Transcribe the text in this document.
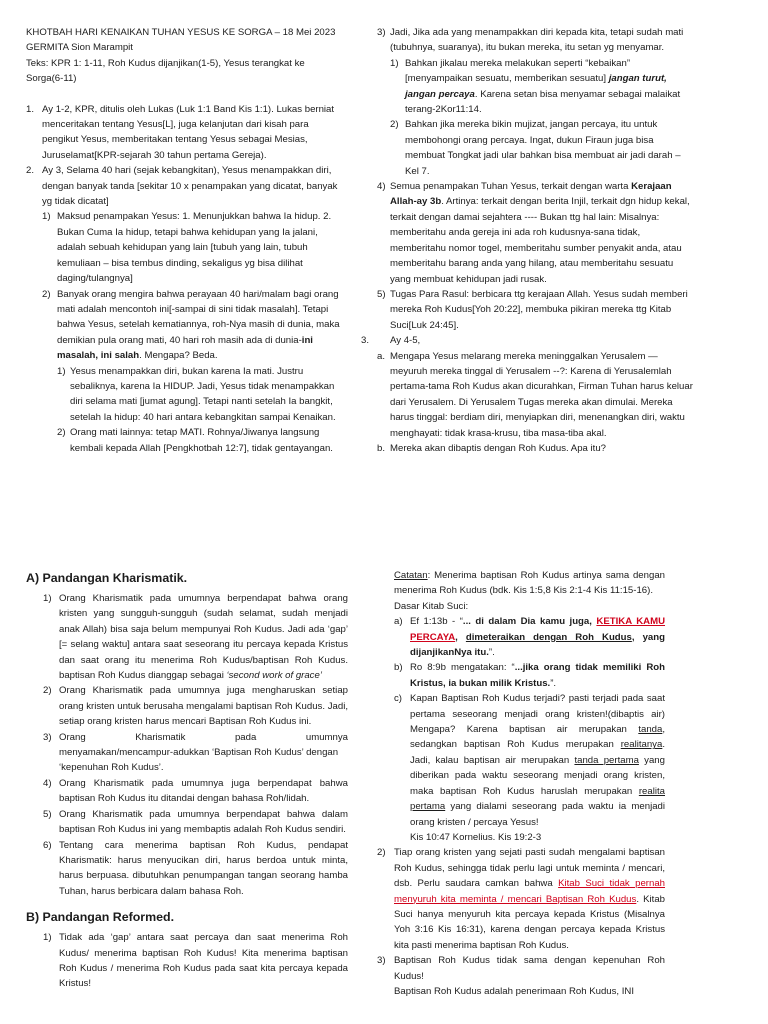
KHOTBAH HARI KENAIKAN TUHAN YESUS KE SORGA – 18 Mei 2023

GERMITA Sion Marampit

Teks: KPR 1: 1-11, Roh Kudus dijanjikan(1-5), Yesus terangkat ke Sorga(6-11)

1. Ay 1-2, KPR, ditulis oleh Lukas (Luk 1:1 Band Kis 1:1). Lukas berniat menceritakan tentang Yesus[L], juga kelanjutan dari kisah para pengikut Yesus, memberitakan tentang Yesus sebagai Mesias, Juruselamat[KPR-sejarah 30 tahun pertama Gereja).
2. Ay 3, Selama 40 hari (sejak kebangkitan), Yesus menampakkan diri, dengan banyak tanda [sekitar 10 x penampakan yang dicatat, banyak yg tidak dicatat]
1) Maksud penampakan Yesus: 1. Menunjukkan bahwa Ia hidup. 2. Bukan Cuma Ia hidup, tetapi bahwa kehidupan yang Ia jalani, adalah sebuah kehidupan yang lain [tubuh yang lain, tubuh kemuliaan – bisa tembus dinding, sekaligus yg bisa dilihat daging/tulangnya]
2) Banyak orang mengira bahwa perayaan 40 hari/malam bagi orang mati adalah mencontoh ini[-sampai di sini tidak masalah]. Tetapi bahwa Yesus, setelah kematiannya, roh-Nya masih di dunia, maka demikian pula orang mati, 40 hari roh masih ada di dunia-ini masalah, ini salah. Mengapa? Beda.
1) Yesus menampakkan diri, bukan karena Ia mati. Justru sebaliknya, karena Ia HIDUP. Jadi, Yesus tidak menampakkan diri selama mati [jumat agung]. Tetapi nanti setelah Ia bangkit, setelah Ia hidup: 40 hari antara kebangkitan sampai Kenaikan.
2) Orang mati lainnya: tetap MATI. Rohnya/Jiwanya langsung kembali kepada Allah [Pengkhotbah 12:7], tidak gentayangan.
3) Jadi, Jika ada yang menampakkan diri kepada kita, tetapi sudah mati (tubuhnya, suaranya), itu bukan mereka, itu setan yg menyamar.
1) Bahkan jikalau mereka melakukan seperti “kebaikan” [menyampaikan sesuatu, memberikan sesuatu] jangan turut, jangan percaya. Karena setan bisa menyamar sebagai malaikat terang-2Kor11:14.
2) Bahkan jika mereka bikin mujizat, jangan percaya, itu untuk membohongi orang percaya. Ingat, dukun Firaun juga bisa membuat Tongkat jadi ular bahkan bisa membuat air jadi darah – Kel 7.
4) Semua penampakan Tuhan Yesus, terkait dengan warta Kerajaan Allah-ay 3b. Artinya: terkait dengan berita Injil, terkait dgn hidup kekal, terkait dengan damai sejahtera ---- Bukan ttg hal lain: Misalnya: memberitahu anda gereja ini ada roh kudusnya-sana tidak, memberitahu nomor togel, memberitahu sumber penyakit anda, atau memberitahu barang anda yang hilang, atau memberitahu sesuatu yang membuat kehidupan jadi rusak.
5) Tugas Para Rasul: berbicara ttg kerajaan Allah. Yesus sudah memberi mereka Roh Kudus[Yoh 20:22], membuka pikiran mereka ttg Kitab Suci[Luk 24:45].
3. Ay 4-5,
a. Mengapa Yesus melarang mereka meninggalkan Yerusalem —meyuruh mereka tinggal di Yerusalem --?: Karena di Yerusalemlah pertama-tama Roh Kudus akan dicurahkan, Firman Tuhan harus keluar dari Yerusalem. Di Yerusalem Tugas mereka akan dimulai. Mereka harus tinggal: berdiam diri, menyiapkan diri, menenangkan diri, waktu menghayati: tidak krasa-krusu, tiba masa-tiba akal.
b. Mereka akan dibaptis dengan Roh Kudus. Apa itu?

A) Pandangan Kharismatik.

1) Orang Kharismatik pada umumnya berpendapat bahwa orang kristen yang sungguh-sungguh (sudah selamat, sudah menjadi anak Allah) bisa saja belum mempunyai Roh Kudus. Jadi ada ‘gap’ [= selang waktu] antara saat seseorang itu percaya kepada Kristus dan saat orang itu menerima Roh Kudus/baptisan Roh Kudus. baptisan Roh Kudus dianggap sebagai ‘second work of grace’
2) Orang Kharismatik pada umumnya juga mengharuskan setiap orang kristen untuk berusaha mengalami baptisan Roh Kudus. Jadi, setiap orang kristen harus mencari Baptisan Roh Kudus ini.
3) Orang	Kharismatik	pada	umumnya
menyamakan/mencampur-adukkan ‘Baptisan Roh Kudus’ dengan ‘kepenuhan Roh Kudus’.
4) Orang Kharismatik pada umumnya juga berpendapat bahwa baptisan Roh Kudus itu ditandai dengan bahasa Roh/lidah.
5) Orang Kharismatik pada umumnya berpendapat bahwa dalam baptisan Roh Kudus ini yang membaptis adalah Roh Kudus sendiri.
6) Tentang cara menerima baptisan Roh Kudus, pendapat Kharismatik: harus menyucikan diri, harus berdoa untuk minta, harus berpuasa. dibutuhkan penumpangan tangan seorang hamba Tuhan, harus berbicara dalam bahasa Roh.

B) Pandangan Reformed.

1) Tidak ada ‘gap’ antara saat percaya dan saat menerima Roh Kudus/ menerima baptisan Roh Kudus! Kita menerima baptisan Roh Kudus / menerima Roh Kudus pada saat kita percaya kepada Kristus!
Catatan: Menerima baptisan Roh Kudus artinya sama dengan menerima Roh Kudus (bdk. Kis 1:5,8 Kis 2:1-4 Kis 11:15-16).

Dasar Kitab Suci:

a) Ef 1:13b - “... di dalam Dia kamu juga, KETIKA KAMU PERCAYA, dimeteraikan dengan Roh Kudus, yang dijanjikanNya itu.”.
b) Ro 8:9b mengatakan: “...jika orang tidak memiliki Roh Kristus, ia bukan milik Kristus.”.
c) Kapan Baptisan Roh Kudus terjadi? pasti terjadi pada saat pertama seseorang menjadi orang kristen!(dibaptis air) Mengapa? Karena baptisan air merupakan tanda, sedangkan baptisan Roh Kudus merupakan realitanya. Jadi, kalau baptisan air merupakan tanda pertama yang diberikan pada waktu seseorang menjadi orang kristen, maka baptisan Roh Kudus haruslah merupakan realita pertama yang dialami seseorang pada waktu ia menjadi orang kristen / percaya Yesus!

Kis 10:47 Kornelius. Kis 19:2-3

2) Tiap orang kristen yang sejati pasti sudah mengalami baptisan Roh Kudus, sehingga tidak perlu lagi untuk meminta / mencari, dsb. Perlu saudara camkan bahwa Kitab Suci tidak pernah menyuruh kita meminta / mencari Baptisan Roh Kudus. Kitab Suci hanya menyuruh kita percaya kepada Kristus (Misalnya Yoh 3:16 Kis 16:31), karena dengan percaya kepada Kristus kita pasti menerima baptisan Roh Kudus.
3) Baptisan Roh Kudus tidak sama dengan kepenuhan Roh Kudus!

Baptisan Roh Kudus adalah penerimaan Roh Kudus, INI
